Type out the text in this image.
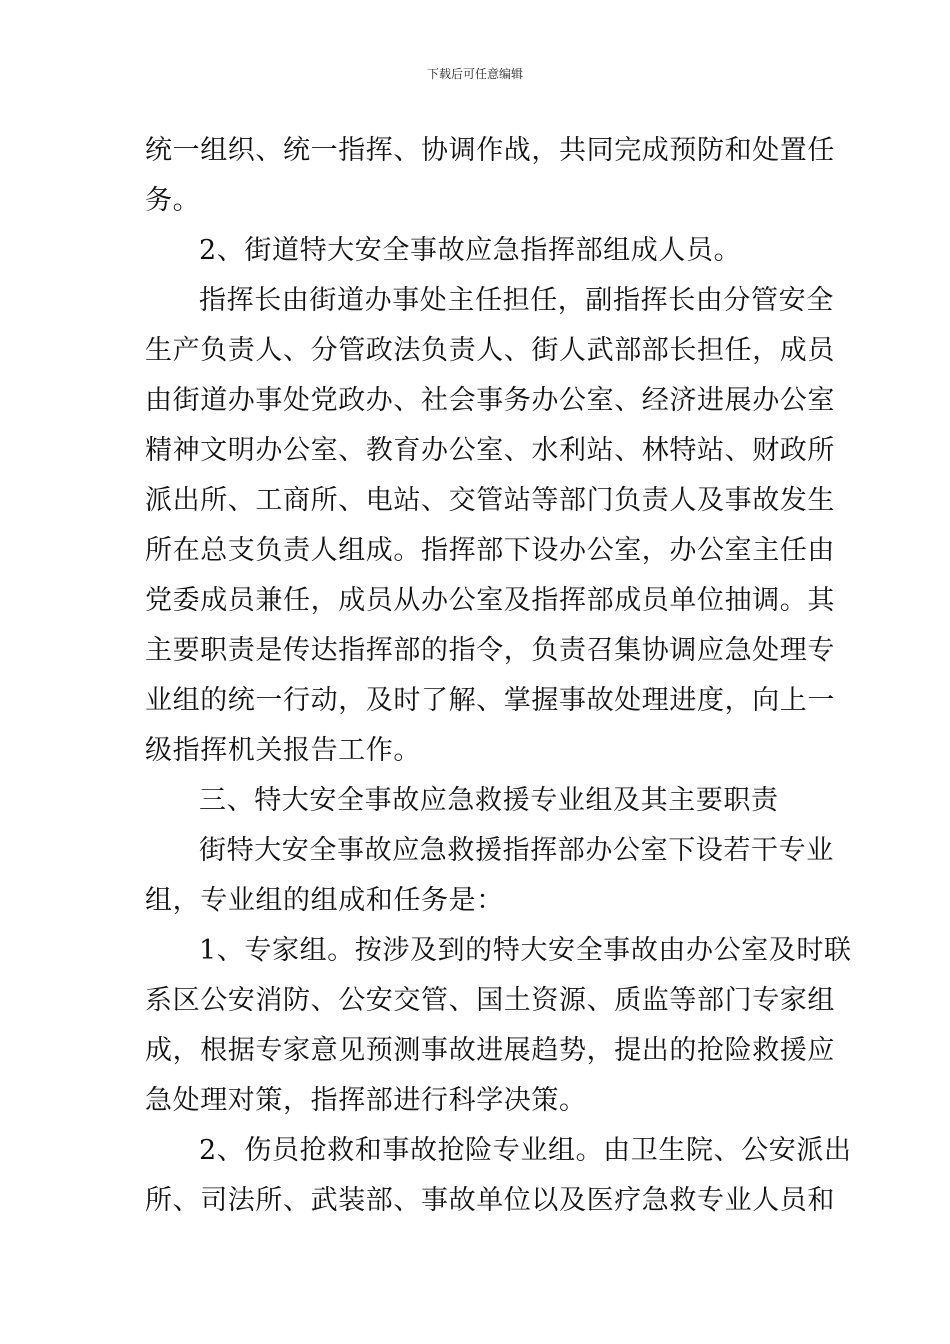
下载后可任意编辑
统一组织、统一指挥、协调作战，共同完成预防和处置任
务。
2、街道特大安全事故应急指挥部组成人员。
指挥长由街道办事处主任担任，副指挥长由分管安全
生产负责人、分管政法负责人、街人武部部长担任，成员
由街道办事处党政办、社会事务办公室、经济进展办公室
精神文明办公室、教育办公室、水利站、林特站、财政所
派出所、工商所、电站、交管站等部门负责人及事故发生
所在总支负责人组成。指挥部下设办公室，办公室主任由
党委成员兼任，成员从办公室及指挥部成员单位抽调。其
主要职责是传达指挥部的指令，负责召集协调应急处理专
业组的统一行动，及时了解、掌握事故处理进度，向上一
级指挥机关报告工作。
三、特大安全事故应急救援专业组及其主要职责
街特大安全事故应急救援指挥部办公室下设若干专业
组，专业组的组成和任务是：
1、专家组。按涉及到的特大安全事故由办公室及时联
系区公安消防、公安交管、国土资源、质监等部门专家组
成，根据专家意见预测事故进展趋势，提出的抢险救援应
急处理对策，指挥部进行科学决策。
2、伤员抢救和事故抢险专业组。由卫生院、公安派出
所、司法所、武装部、事故单位以及医疗急救专业人员和
